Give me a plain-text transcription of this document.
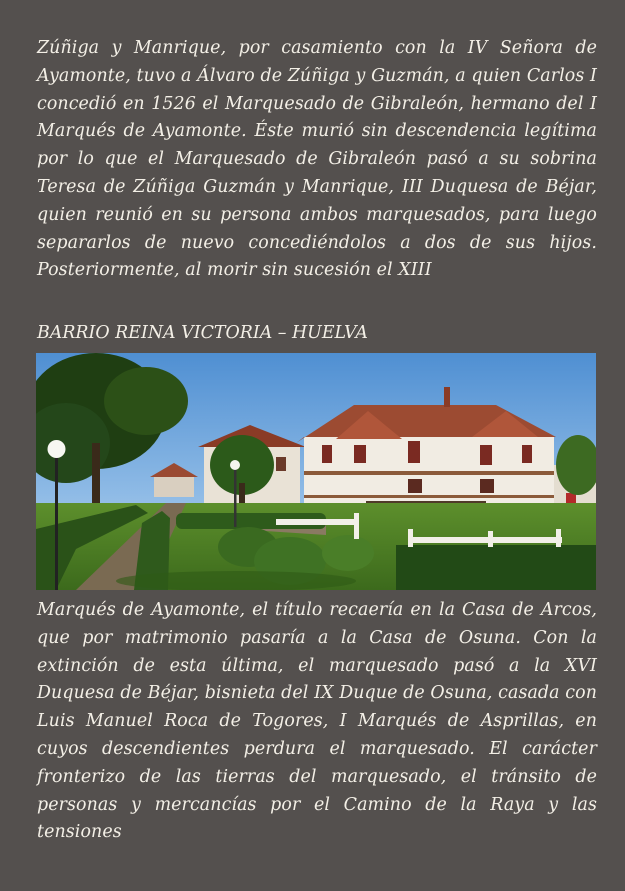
Zúñiga y Manrique, por casamiento con la IV Señora de Ayamonte, tuvo a Álvaro de Zúñiga y Guzmán, a quien Carlos I concedió en 1526 el Marquesado de Gibraleón, hermano del I Marqués de Ayamonte. Éste murió sin descendencia legítima por lo que el Marquesado de Gibraleón pasó a su sobrina Teresa de Zúñiga Guzmán y Manrique, III Duquesa de Béjar, quien reunió en su persona ambos marquesados, para luego separarlos de nuevo concediéndolos a dos de sus hijos. Posteriormente, al morir sin sucesión el XIII

BARRIO REINA VICTORIA – HUELVA

Marqués de Ayamonte, el título recaería en la Casa de Arcos, que por matrimonio pasaría a la Casa de Osuna. Con la extinción de esta última, el marquesado pasó a la XVI Duquesa de Béjar, bisnieta del IX Duque de Osuna, casada con Luis Manuel Roca de Togores, I Marqués de Asprillas, en cuyos descendientes perdura el marquesado. El carácter fronterizo de las tierras del marquesado, el tránsito de personas y mercancías por el Camino de la Raya y las tensiones
